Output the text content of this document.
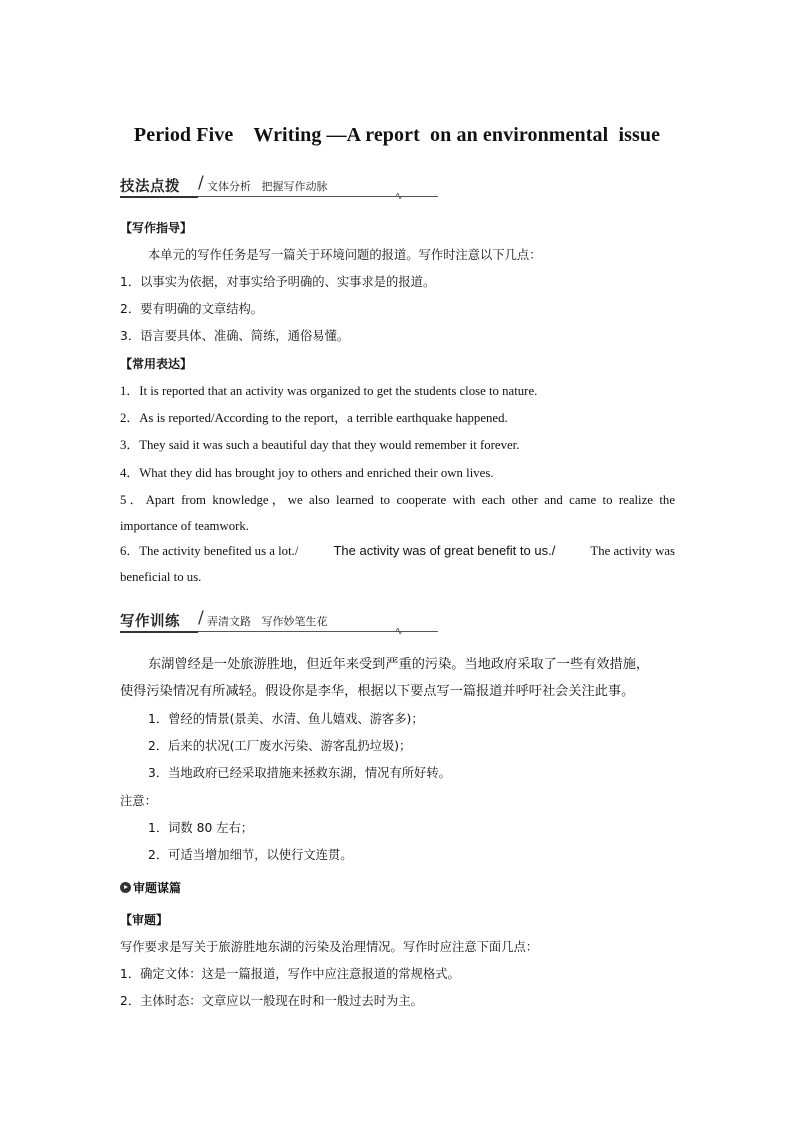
Period Five    Writing —A report  on an environmental  issue
技法点拨 / 文体分析   把握写作动脉
【写作指导】
本单元的写作任务是写一篇关于环境问题的报道。写作时注意以下几点：
1．以事实为依据，对事实给予明确的、实事求是的报道。
2．要有明确的文章结构。
3．语言要具体、准确、简练，通俗易懂。
【常用表达】
1．It is reported that an activity was organized to get the students close to nature.
2．As is reported/According to the report，a terrible earthquake happened.
3．They said it was such a beautiful day that they would remember it forever.
4．What they did has brought joy to others and enriched their own lives.
5．Apart from knowledge，we also learned to cooperate with each other and came to realize the
importance of teamwork.
6．The activity benefited us a lot./	The activity was of great benefit to us./	The activity was
beneficial to us.
写作训练 / 弄清文路   写作妙笔生花
东湖曾经是一处旅游胜地，但近年来受到严重的污染。当地政府采取了一些有效措施，
使得污染情况有所减轻。假设你是李华，根据以下要点写一篇报道并呼吁社会关注此事。
1．曾经的情景(景美、水清、鱼儿嬉戏、游客多)；
2．后来的状况(工厂废水污染、游客乱扔垃圾)；
3．当地政府已经采取措施来拯救东湖，情况有所好转。
注意：
1．词数 80 左右；
2．可适当增加细节，以使行文连贯。
审题谋篇
【审题】
写作要求是写关于旅游胜地东湖的污染及治理情况。写作时应注意下面几点：
1．确定文体：这是一篇报道，写作中应注意报道的常规格式。
2．主体时态：文章应以一般现在时和一般过去时为主。
